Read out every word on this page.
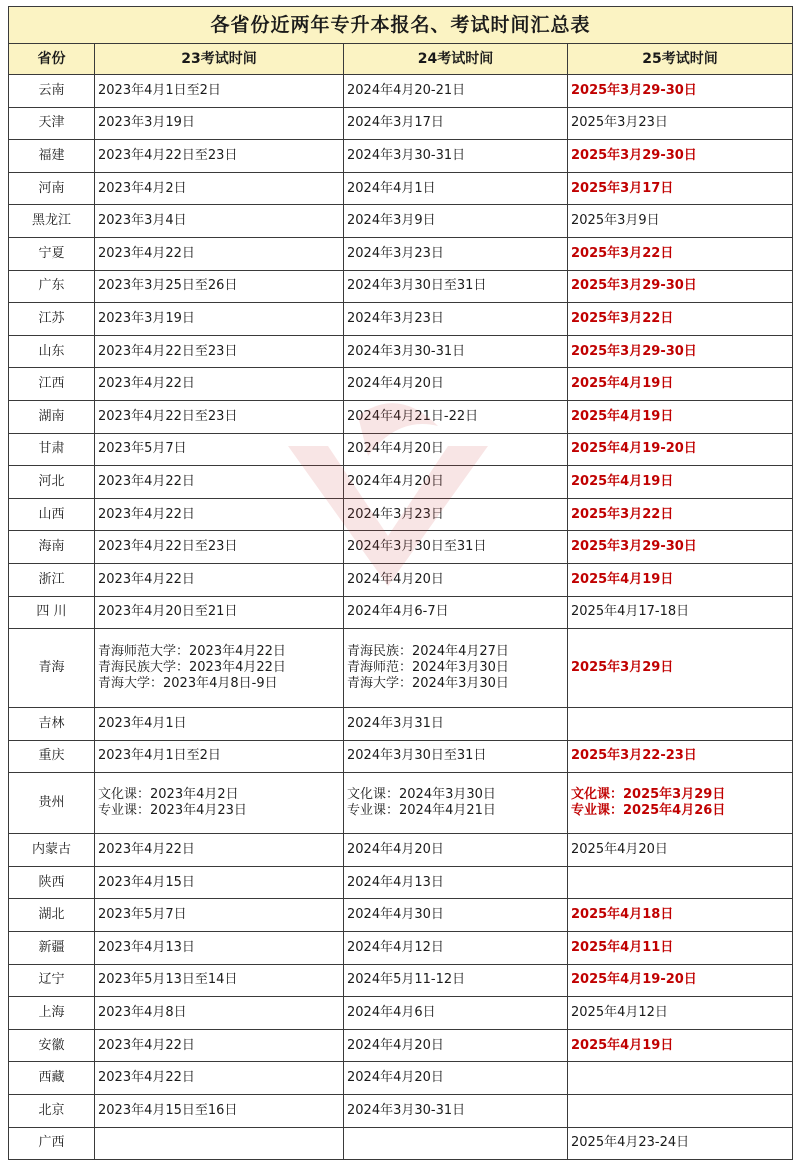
各省份近两年专升本报名、考试时间汇总表			
省份	23考试时间	24考试时间	25考试时间
云南	2023年4月1日至2日	2024年4月20-21日	2025年3月29-30日

天津	2023年3月19日	2024年3月17日	2025年3月23日

福建	2023年4月22日至23日	2024年3月30-31日	2025年3月29-30日

河南	2023年4月2日	2024年4月1日	2025年3月17日

黑龙江	2023年3月4日	2024年3月9日	2025年3月9日

宁夏	2023年4月22日	2024年3月23日	2025年3月22日

广东	2023年3月25日至26日	2024年3月30日至31日	2025年3月29-30日

江苏	2023年3月19日	2024年3月23日	2025年3月22日

山东	2023年4月22日至23日	2024年3月30-31日	2025年3月29-30日

江西	2023年4月22日	2024年4月20日	2025年4月19日

湖南	2023年4月22日至23日	2024年4月21日-22日	2025年4月19日

甘肃	2023年5月7日	2024年4月20日	2025年4月19-20日

河北	2023年4月22日	2024年4月20日	2025年4月19日

山西	2023年4月22日	2024年3月23日	2025年3月22日

海南	2023年4月22日至23日	2024年3月30日至31日	2025年3月29-30日

浙江	2023年4月22日	2024年4月20日	2025年4月19日

四 川	2023年4月20日至21日	2024年4月6-7日	2025年4月17-18日

青海	青海师范大学：2023年4月22日
青海民族大学：2023年4月22日
青海大学：2023年4月8日-9日	青海民族：2024年4月27日
青海师范：2024年3月30日
青海大学：2024年3月30日	2025年3月29日

吉林	2023年4月1日	2024年3月31日	

重庆	2023年4月1日至2日	2024年3月30日至31日	2025年3月22-23日

贵州	文化课：2023年4月2日
专业课：2023年4月23日	文化课：2024年3月30日
专业课：2024年4月21日	文化课：2025年3月29日
专业课：2025年4月26日

内蒙古	2023年4月22日	2024年4月20日	2025年4月20日

陕西	2023年4月15日	2024年4月13日	

湖北	2023年5月7日	2024年4月30日	2025年4月18日

新疆	2023年4月13日	2024年4月12日	2025年4月11日

辽宁	2023年5月13日至14日	2024年5月11-12日	2025年4月19-20日

上海	2023年4月8日	2024年4月6日	2025年4月12日

安徽	2023年4月22日	2024年4月20日	2025年4月19日

西藏	2023年4月22日	2024年4月20日	

北京	2023年4月15日至16日	2024年3月30-31日	

广西			2025年4月23-24日
